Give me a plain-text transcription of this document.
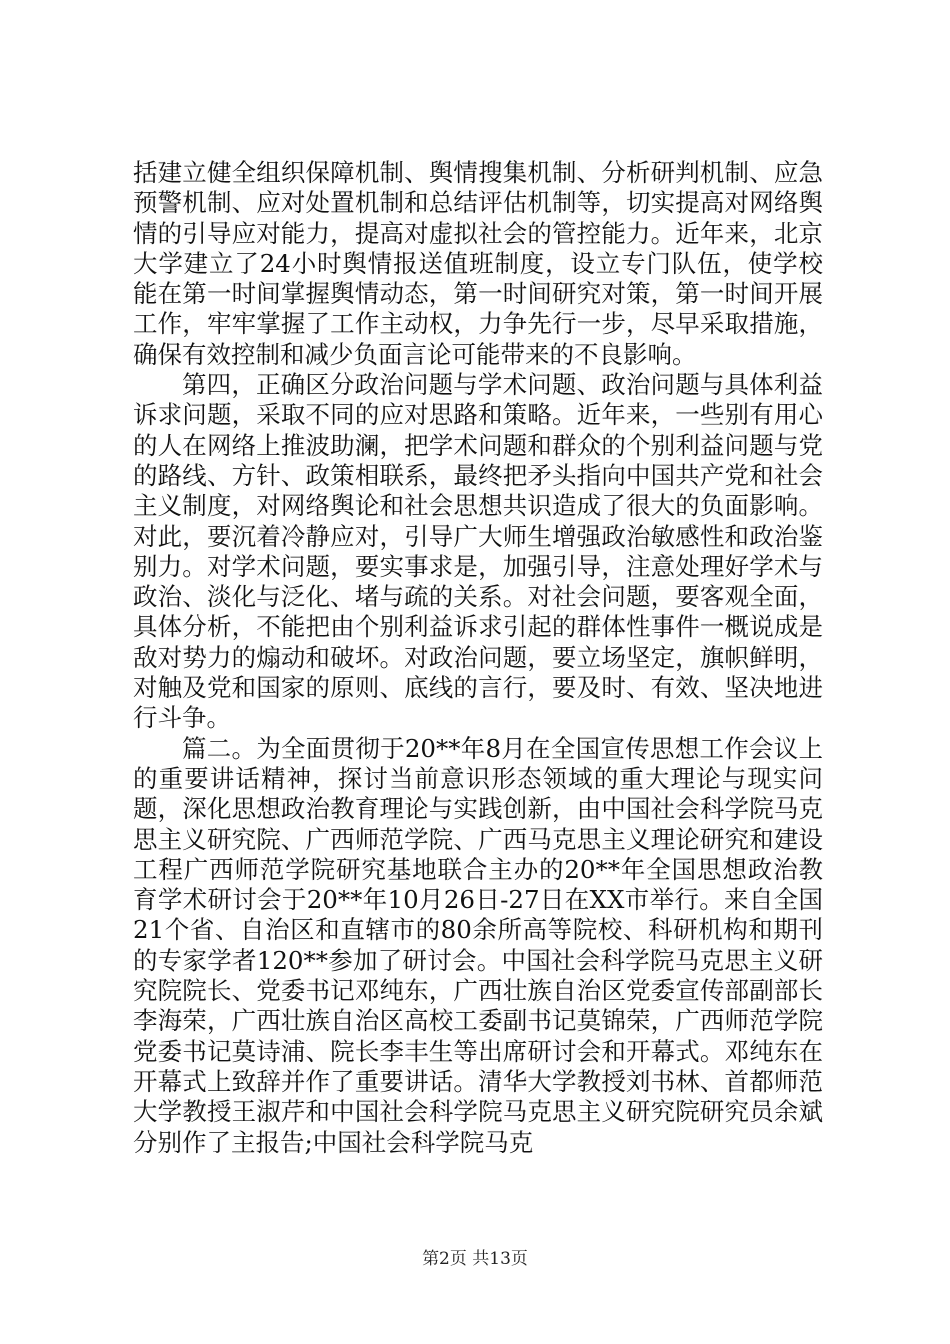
括建立健全组织保障机制、舆情搜集机制、分析研判机制、应急预警机制、应对处置机制和总结评估机制等，切实提高对网络舆情的引导应对能力，提高对虚拟社会的管控能力。近年来，北京大学建立了24小时舆情报送值班制度，设立专门队伍，使学校能在第一时间掌握舆情动态，第一时间研究对策，第一时间开展工作，牢牢掌握了工作主动权，力争先行一步，尽早采取措施，确保有效控制和减少负面言论可能带来的不良影响。

第四，正确区分政治问题与学术问题、政治问题与具体利益诉求问题，采取不同的应对思路和策略。近年来，一些别有用心的人在网络上推波助澜，把学术问题和群众的个别利益问题与党的路线、方针、政策相联系，最终把矛头指向中国共产党和社会主义制度，对网络舆论和社会思想共识造成了很大的负面影响。对此，要沉着冷静应对，引导广大师生增强政治敏感性和政治鉴别力。对学术问题，要实事求是，加强引导，注意处理好学术与政治、淡化与泛化、堵与疏的关系。对社会问题，要客观全面，具体分析，不能把由个别利益诉求引起的群体性事件一概说成是敌对势力的煽动和破坏。对政治问题，要立场坚定，旗帜鲜明，对触及党和国家的原则、底线的言行，要及时、有效、坚决地进行斗争。

篇二。为全面贯彻于20**年8月在全国宣传思想工作会议上的重要讲话精神，探讨当前意识形态领域的重大理论与现实问题，深化思想政治教育理论与实践创新，由中国社会科学院马克思主义研究院、广西师范学院、广西马克思主义理论研究和建设工程广西师范学院研究基地联合主办的20**年全国思想政治教育学术研讨会于20**年10月26日-27日在XX市举行。来自全国21个省、自治区和直辖市的80余所高等院校、科研机构和期刊的专家学者120**参加了研讨会。中国社会科学院马克思主义研究院院长、党委书记邓纯东，广西壮族自治区党委宣传部副部长李海荣，广西壮族自治区高校工委副书记莫锦荣，广西师范学院党委书记莫诗浦、院长李丰生等出席研讨会和开幕式。邓纯东在开幕式上致辞并作了重要讲话。清华大学教授刘书林、首都师范大学教授王淑芹和中国社会科学院马克思主义研究院研究员余斌分别作了主报告;中国社会科学院马克

第2页 共13页
